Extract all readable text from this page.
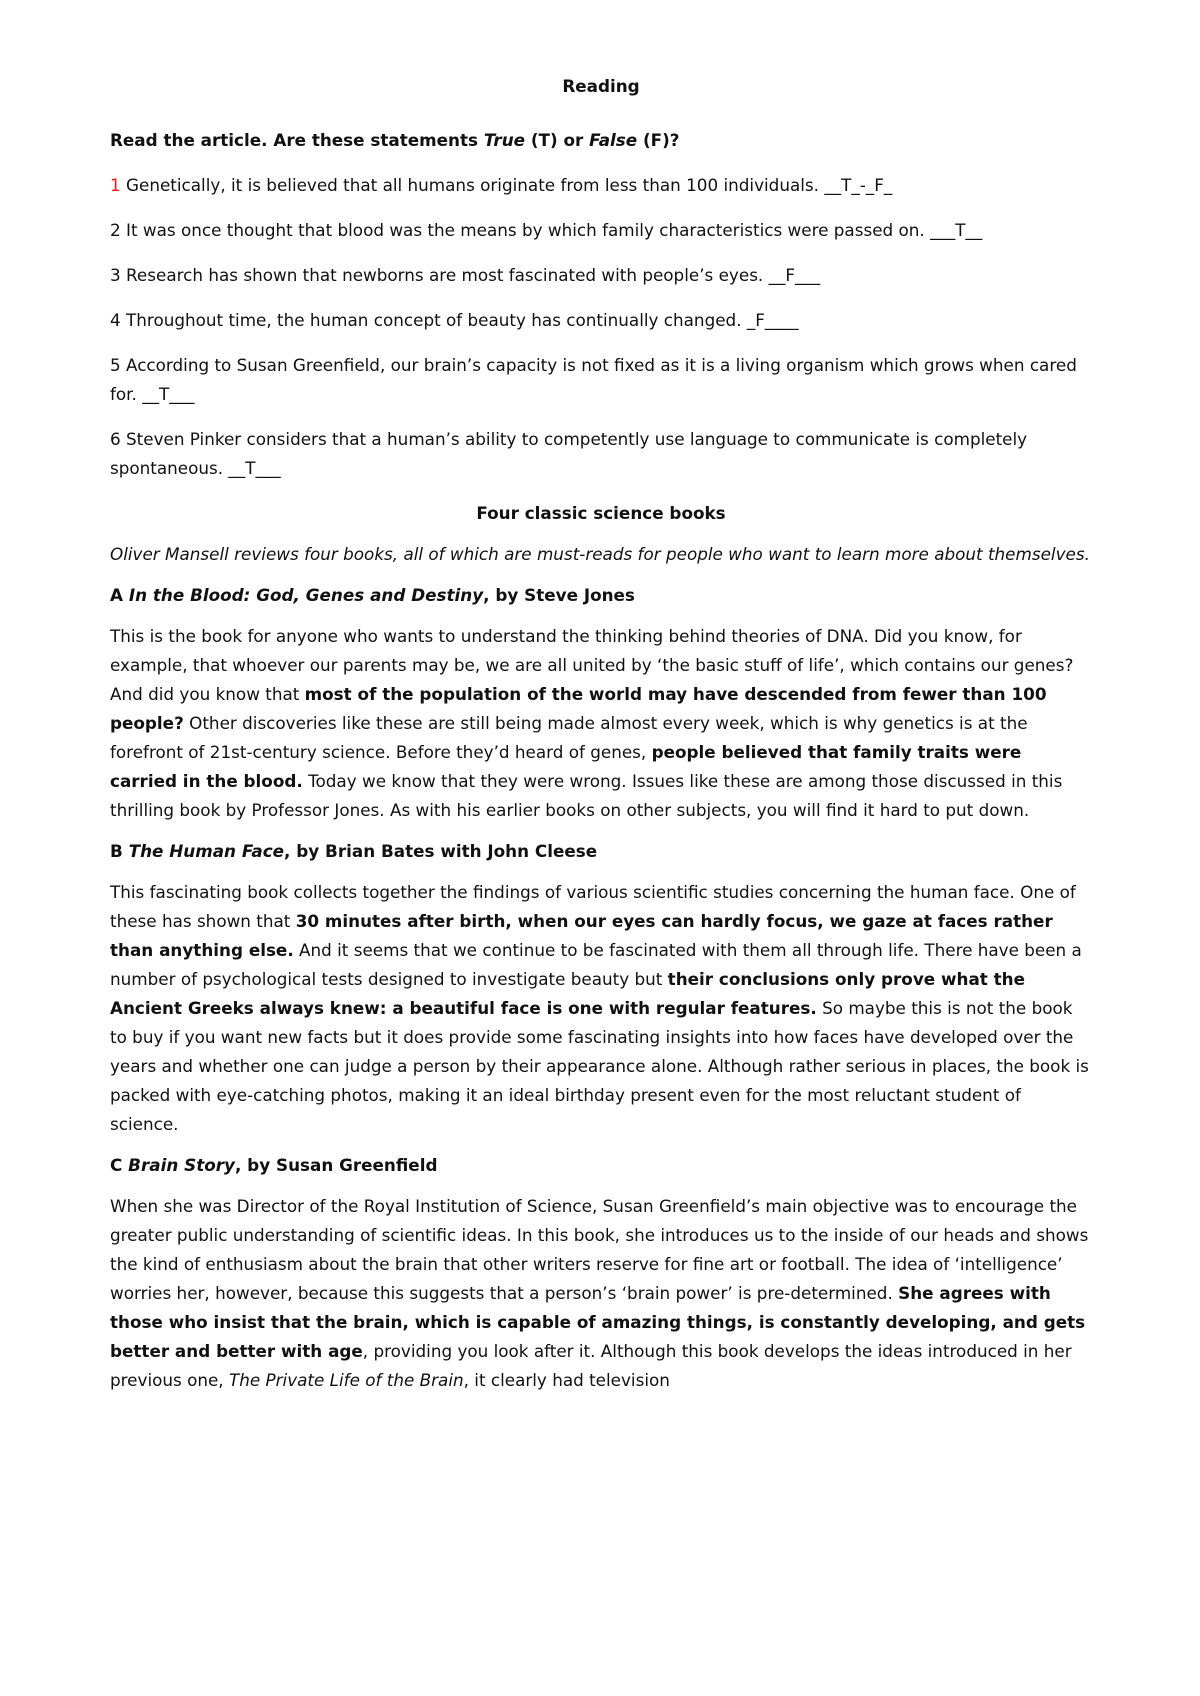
Reading
Read the article. Are these statements True (T) or False (F)?
1 Genetically, it is believed that all humans originate from less than 100 individuals. __T_-_F_
2 It was once thought that blood was the means by which family characteristics were passed on. ___T__
3 Research has shown that newborns are most fascinated with people’s eyes. __F___
4 Throughout time, the human concept of beauty has continually changed. _F____
5 According to Susan Greenfield, our brain’s capacity is not fixed as it is a living organism which grows when cared for. __T___
6 Steven Pinker considers that a human’s ability to competently use language to communicate is completely spontaneous. __T___
Four classic science books
Oliver Mansell reviews four books, all of which are must-reads for people who want to learn more about themselves.
A In the Blood: God, Genes and Destiny, by Steve Jones
This is the book for anyone who wants to understand the thinking behind theories of DNA. Did you know, for example, that whoever our parents may be, we are all united by ‘the basic stuff of life’, which contains our genes? And did you know that most of the population of the world may have descended from fewer than 100 people? Other discoveries like these are still being made almost every week, which is why genetics is at the forefront of 21st-century science. Before they’d heard of genes, people believed that family traits were carried in the blood. Today we know that they were wrong. Issues like these are among those discussed in this thrilling book by Professor Jones. As with his earlier books on other subjects, you will find it hard to put down.
B The Human Face, by Brian Bates with John Cleese
This fascinating book collects together the findings of various scientific studies concerning the human face. One of these has shown that 30 minutes after birth, when our eyes can hardly focus, we gaze at faces rather than anything else. And it seems that we continue to be fascinated with them all through life. There have been a number of psychological tests designed to investigate beauty but their conclusions only prove what the Ancient Greeks always knew: a beautiful face is one with regular features. So maybe this is not the book to buy if you want new facts but it does provide some fascinating insights into how faces have developed over the years and whether one can judge a person by their appearance alone. Although rather serious in places, the book is packed with eye-catching photos, making it an ideal birthday present even for the most reluctant student of science.
C Brain Story, by Susan Greenfield
When she was Director of the Royal Institution of Science, Susan Greenfield’s main objective was to encourage the greater public understanding of scientific ideas. In this book, she introduces us to the inside of our heads and shows the kind of enthusiasm about the brain that other writers reserve for fine art or football. The idea of ‘intelligence’ worries her, however, because this suggests that a person’s ‘brain power’ is pre-determined. She agrees with those who insist that the brain, which is capable of amazing things, is constantly developing, and gets better and better with age, providing you look after it. Although this book develops the ideas introduced in her previous one, The Private Life of the Brain, it clearly had television
